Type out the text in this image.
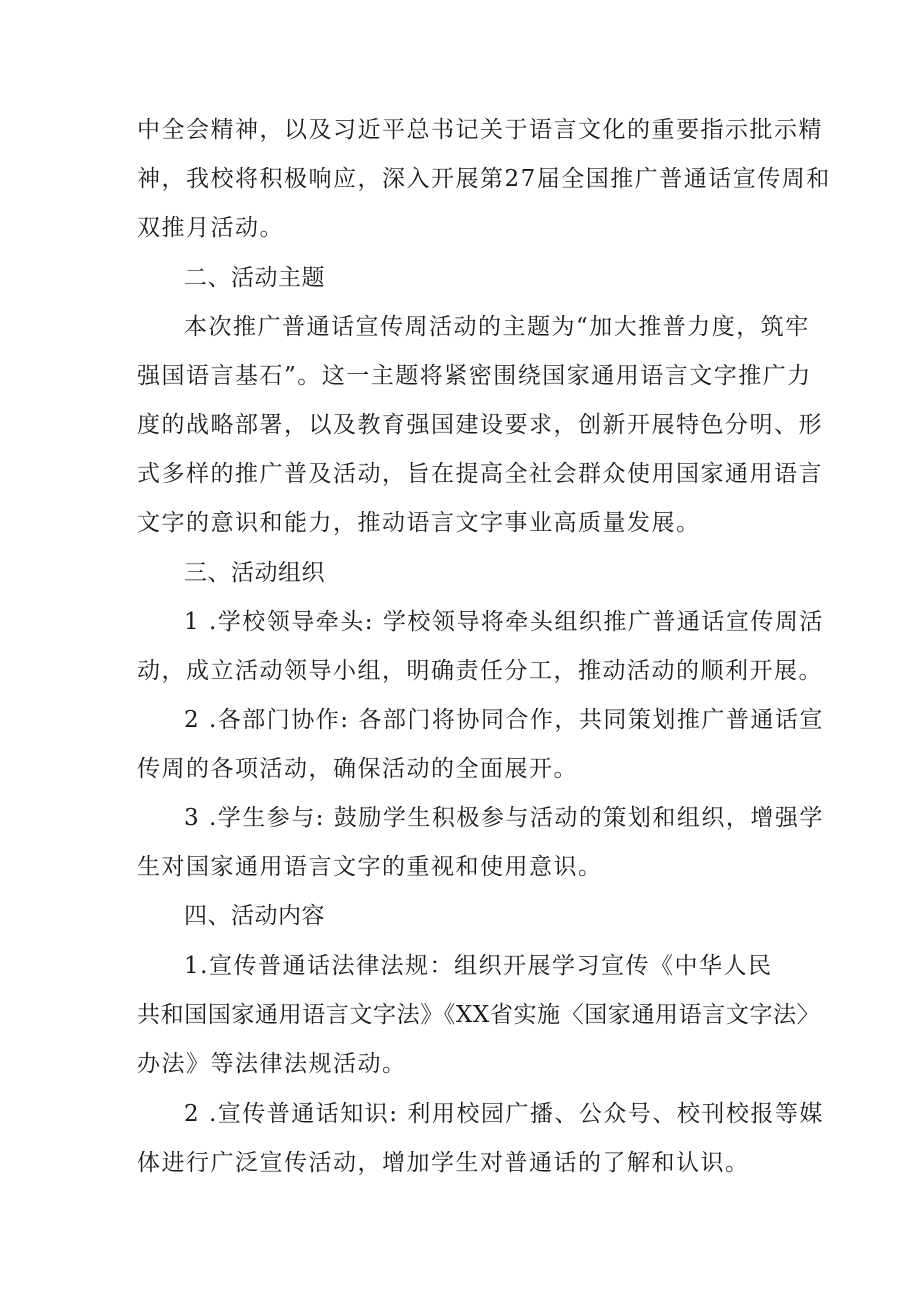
中全会精神，以及习近平总书记关于语言文化的重要指示批示精
神，我校将积极响应，深入开展第27届全国推广普通话宣传周和
双推月活动。
二、活动主题
本次推广普通话宣传周活动的主题为“加大推普力度，筑牢
强国语言基石”。这一主题将紧密围绕国家通用语言文字推广力
度的战略部署，以及教育强国建设要求，创新开展特色分明、形
式多样的推广普及活动，旨在提高全社会群众使用国家通用语言
文字的意识和能力，推动语言文字事业高质量发展。
三、活动组织
1 .学校领导牵头: 学校领导将牵头组织推广普通话宣传周活
动，成立活动领导小组，明确责任分工，推动活动的顺利开展。
2 .各部门协作: 各部门将协同合作，共同策划推广普通话宣
传周的各项活动，确保活动的全面展开。
3 .学生参与: 鼓励学生积极参与活动的策划和组织，增强学
生对国家通用语言文字的重视和使用意识。
四、活动内容
1.宣传普通话法律法规：组织开展学习宣传《中华人民
共和国国家通用语言文字法》《XX省实施〈国家通用语言文字法〉
办法》等法律法规活动。
2 .宣传普通话知识: 利用校园广播、公众号、校刊校报等媒
体进行广泛宣传活动，增加学生对普通话的了解和认识。
